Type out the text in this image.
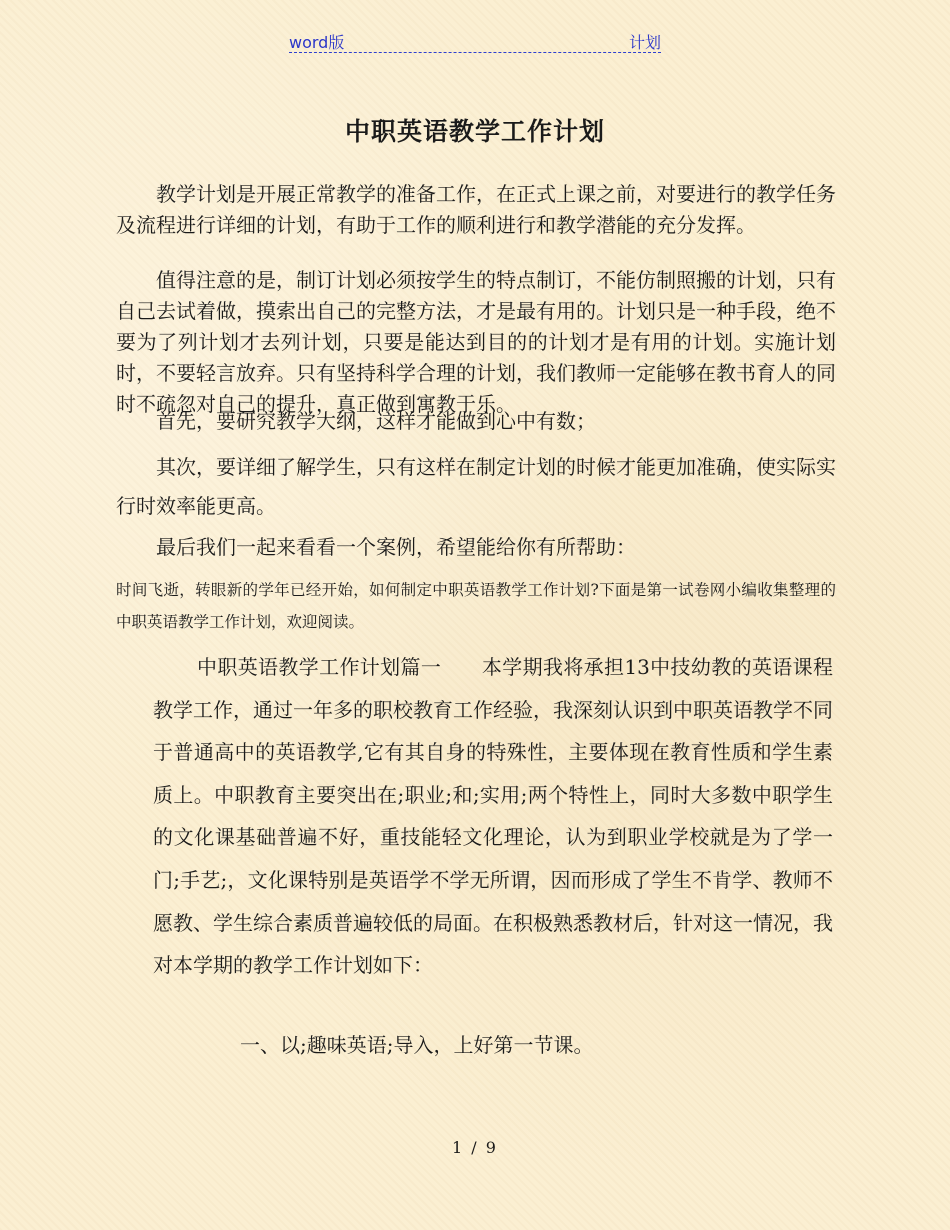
word版	计划
中职英语教学工作计划

教学计划是开展正常教学的准备工作，在正式上课之前，对要进行的教学任务及流程进行详细的计划，有助于工作的顺利进行和教学潜能的充分发挥。

值得注意的是，制订计划必须按学生的特点制订，不能仿制照搬的计划，只有自己去试着做，摸索出自己的完整方法，才是最有用的。计划只是一种手段，绝不要为了列计划才去列计划，只要是能达到目的的计划才是有用的计划。实施计划时，不要轻言放弃。只有坚持科学合理的计划，我们教师一定能够在教书育人的同时不疏忽对自己的提升，真正做到寓教于乐。

首先，要研究教学大纲，这样才能做到心中有数；

其次，要详细了解学生，只有这样在制定计划的时候才能更加准确，使实际实行时效率能更高。

最后我们一起来看看一个案例，希望能给你有所帮助：

时间飞逝，转眼新的学年已经开始，如何制定中职英语教学工作计划?下面是第一试卷网小编收集整理的中职英语教学工作计划，欢迎阅读。

中职英语教学工作计划篇一　　本学期我将承担13中技幼教的英语课程教学工作，通过一年多的职校教育工作经验，我深刻认识到中职英语教学不同于普通高中的英语教学,它有其自身的特殊性，主要体现在教育性质和学生素质上。中职教育主要突出在;职业;和;实用;两个特性上，同时大多数中职学生的文化课基础普遍不好，重技能轻文化理论，认为到职业学校就是为了学一门;手艺;，文化课特别是英语学不学无所谓，因而形成了学生不肯学、教师不愿教、学生综合素质普遍较低的局面。在积极熟悉教材后，针对这一情况，我对本学期的教学工作计划如下：

一、以;趣味英语;导入，上好第一节课。

1 / 9
